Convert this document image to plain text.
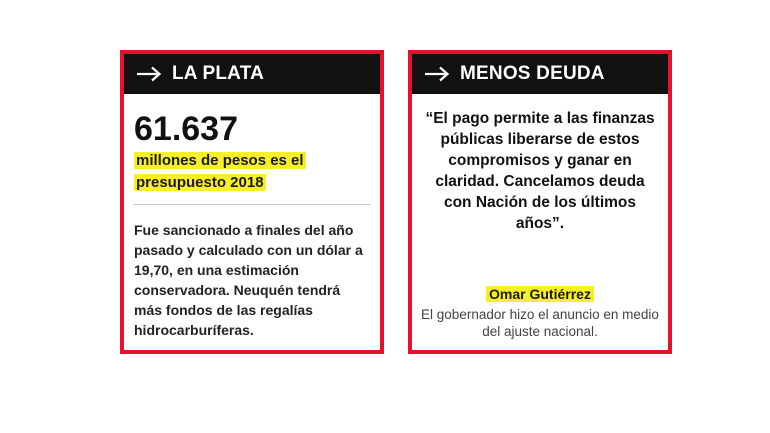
LA PLATA
61.637
millones de pesos es el
presupuesto 2018
Fue sancionado a finales del año pasado y calculado con un dólar a 19,70, en una estimación conservadora. Neuquén tendrá más fondos de las regalías hidrocarburíferas.
MENOS DEUDA
“El pago permite a las finanzas públicas liberarse de estos compromisos y ganar en claridad. Cancelamos deuda con Nación de los últimos años”.
Omar Gutiérrez
El gobernador hizo el anuncio en medio del ajuste nacional.
